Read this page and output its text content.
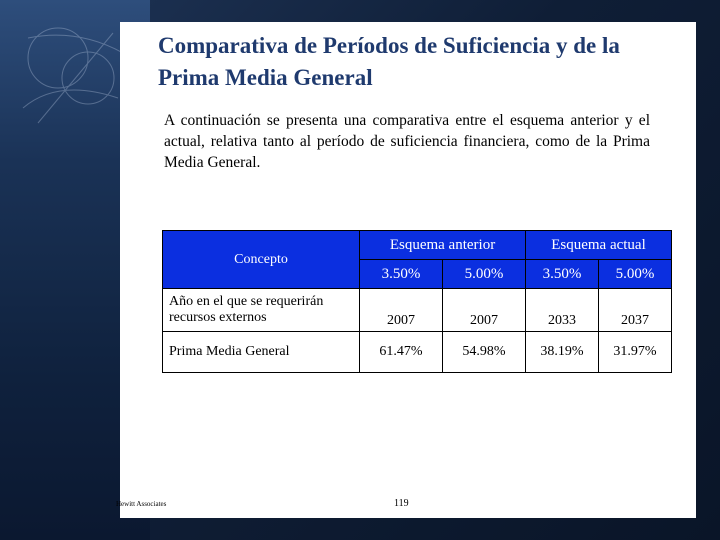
Comparativa de Períodos de Suficiencia y de la Prima Media General

A continuación se presenta una comparativa entre el esquema anterior y el actual, relativa tanto al período de suficiencia financiera, como de la Prima Media General.

Concepto	Esquema anterior		Esquema actual	
	3.50%	5.00%	3.50%	5.00%
Año en el que se requerirán recursos externos	2007	2007	2033	2037
Prima Media General	61.47%	54.98%	38.19%	31.97%
Hewitt Associates	119
